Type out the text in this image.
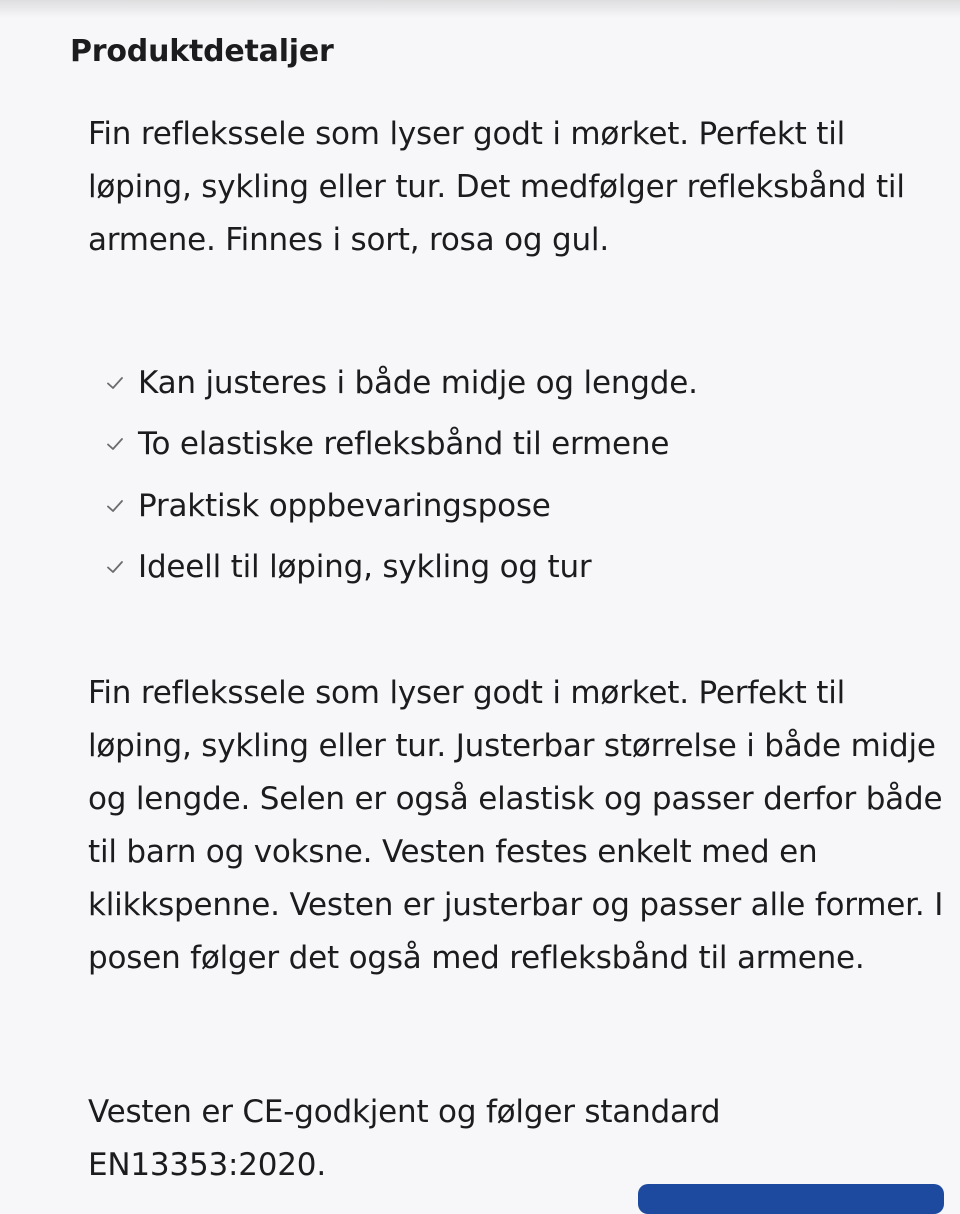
Produktdetaljer

Fin reflekssele som lyser godt i mørket. Perfekt til løping, sykling eller tur. Det medfølger refleksbånd til armene. Finnes i sort, rosa og gul.

Kan justeres i både midje og lengde.
To elastiske refleksbånd til ermene
Praktisk oppbevaringspose
Ideell til løping, sykling og tur

Fin reflekssele som lyser godt i mørket. Perfekt til løping, sykling eller tur. Justerbar størrelse i både midje og lengde. Selen er også elastisk og passer derfor både til barn og voksne. Vesten festes enkelt med en klikkspenne. Vesten er justerbar og passer alle former. I posen følger det også med refleksbånd til armene.

Vesten er CE-godkjent og følger standard EN13353:2020.
